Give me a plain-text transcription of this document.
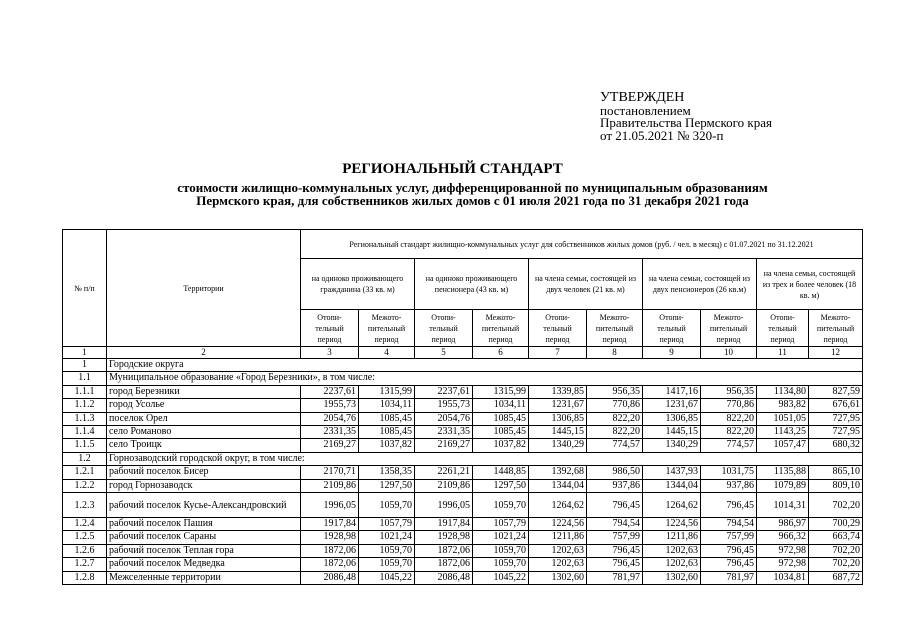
УТВЕРЖДЕН
постановлением
Правительства Пермского края
от 21.05.2021 № 320-п
РЕГИОНАЛЬНЫЙ СТАНДАРТ
стоимости жилищно-коммунальных услуг, дифференцированной по муниципальным образованиям
Пермского края, для собственников жилых домов с 01 июля 2021 года по 31 декабря 2021 года
№ п/п	Территории	Региональный стандарт жилищно-коммунальных услуг для собственников жилых домов (руб. / чел. в месяц) с 01.07.2021 по 31.12.2021									
		на одиноко проживающего гражданина (33 кв. м)		на одиноко проживающего пенсионера (43 кв. м)		на члена семьи, состоящей из двух человек (21 кв. м)		на члена семьи, состоящей из двух пенсионеров (26 кв.м)		на члена семьи, состоящей из трех и более человек (18 кв. м)	
		Отопи-тельный период	Межото-пительный период	Отопи-тельный период	Межото-пительный период	Отопи-тельный период	Межото-пительный период	Отопи-тельный период	Межото-пительный период	Отопи-тельный период	Межото-пительный период
1	2	3	4	5	6	7	8	9	10	11	12
1	Городские округа										
1.1	Муниципальное образование «Город Березники», в том числе:										
1.1.1	город Березники	2237,61	1315,99	2237,61	1315,99	1339,85	956,35	1417,16	956,35	1134,80	827,59
1.1.2	город Усолье	1955,73	1034,11	1955,73	1034,11	1231,67	770,86	1231,67	770,86	983,82	676,61
1.1.3	поселок Орел	2054,76	1085,45	2054,76	1085,45	1306,85	822,20	1306,85	822,20	1051,05	727,95
1.1.4	село Романово	2331,35	1085,45	2331,35	1085,45	1445,15	822,20	1445,15	822,20	1143,25	727,95
1.1.5	село Троицк	2169,27	1037,82	2169,27	1037,82	1340,29	774,57	1340,29	774,57	1057,47	680,32
1.2	Горнозаводский городской округ, в том числе:										
1.2.1	рабочий поселок Бисер	2170,71	1358,35	2261,21	1448,85	1392,68	986,50	1437,93	1031,75	1135,88	865,10
1.2.2	город Горнозаводск	2109,86	1297,50	2109,86	1297,50	1344,04	937,86	1344,04	937,86	1079,89	809,10
1.2.3	рабочий поселок Кусье-Александровский	1996,05	1059,70	1996,05	1059,70	1264,62	796,45	1264,62	796,45	1014,31	702,20
1.2.4	рабочий поселок Пашия	1917,84	1057,79	1917,84	1057,79	1224,56	794,54	1224,56	794,54	986,97	700,29
1.2.5	рабочий поселок Сараны	1928,98	1021,24	1928,98	1021,24	1211,86	757,99	1211,86	757,99	966,32	663,74
1.2.6	рабочий поселок Теплая гора	1872,06	1059,70	1872,06	1059,70	1202,63	796,45	1202,63	796,45	972,98	702,20
1.2.7	рабочий поселок Медведка	1872,06	1059,70	1872,06	1059,70	1202,63	796,45	1202,63	796,45	972,98	702,20
1.2.8	Межселенные территории	2086,48	1045,22	2086,48	1045,22	1302,60	781,97	1302,60	781,97	1034,81	687,72
